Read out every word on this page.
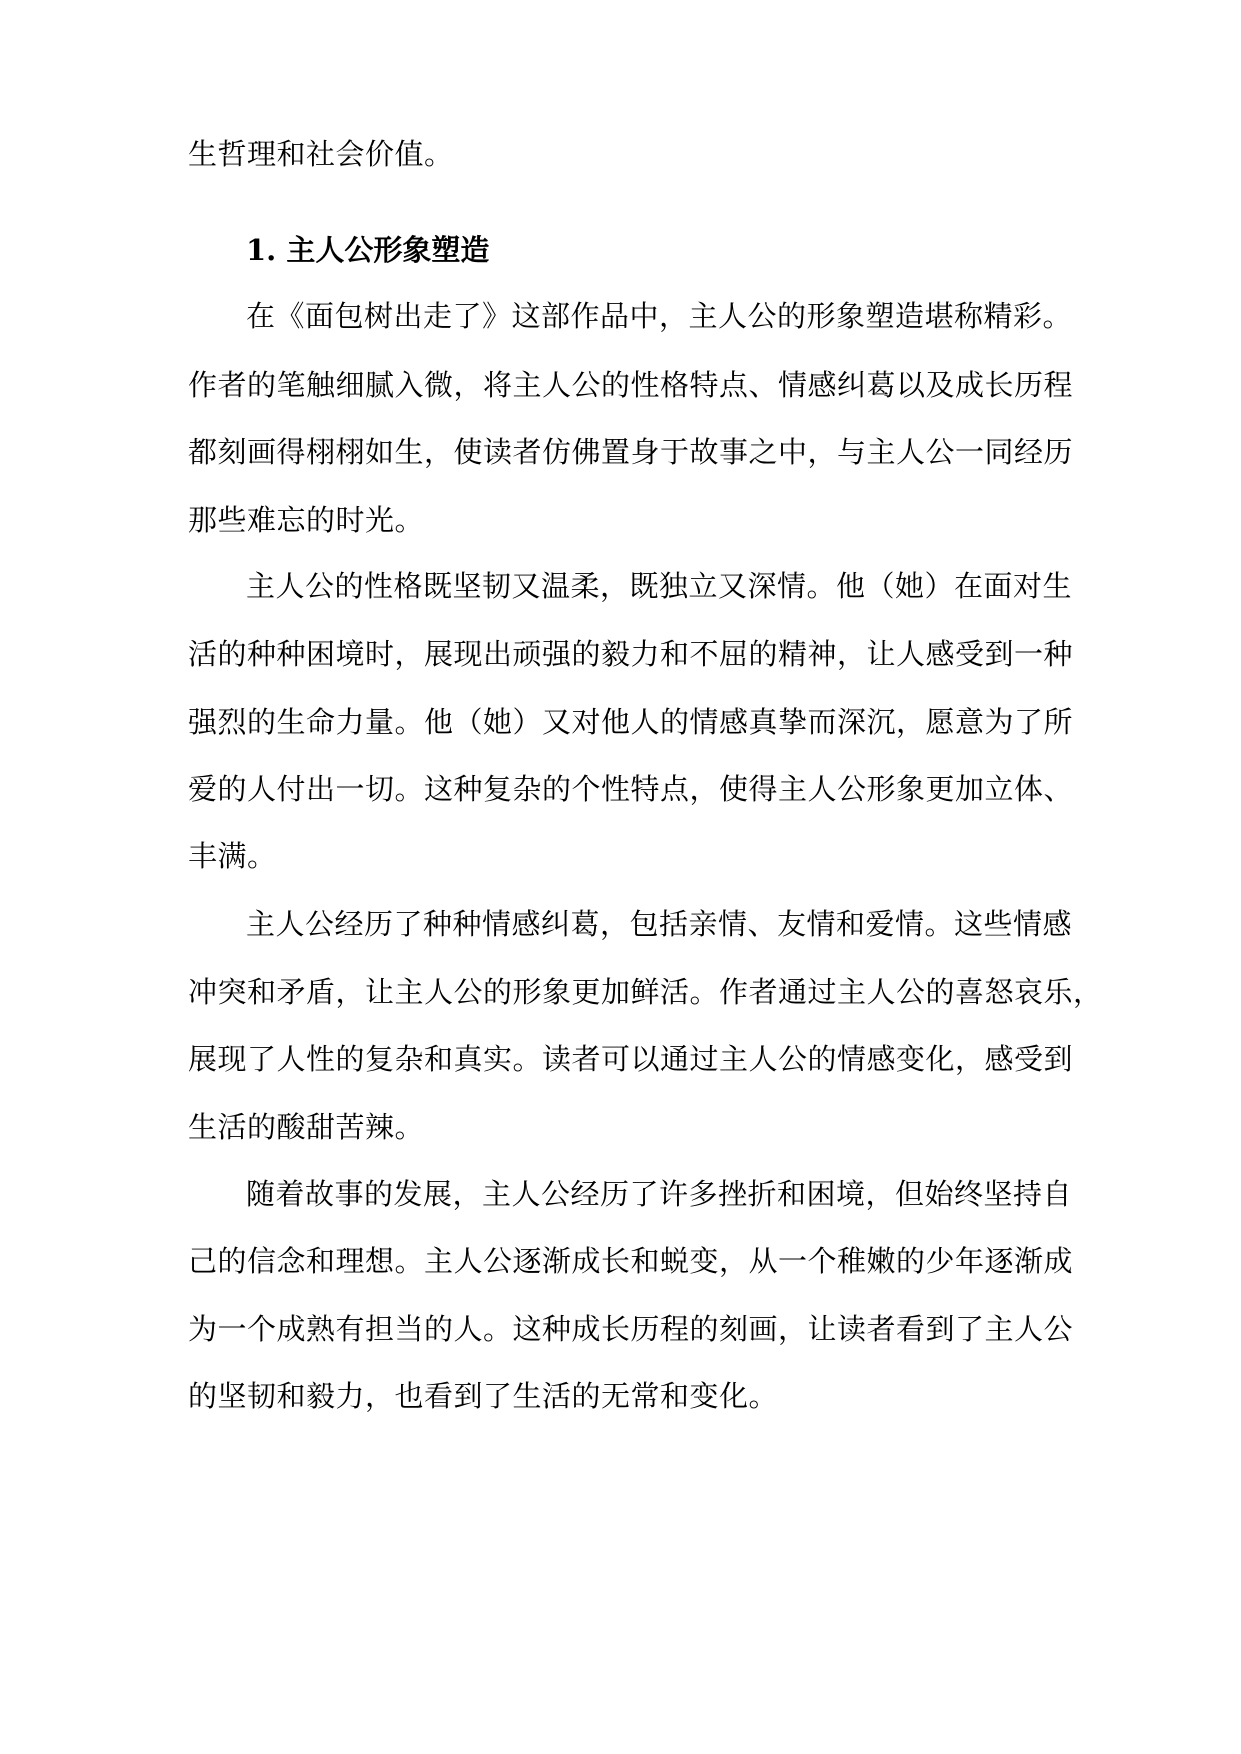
生哲理和社会价值。
1. 主人公形象塑造
在《面包树出走了》这部作品中，主人公的形象塑造堪称精彩。
作者的笔触细腻入微，将主人公的性格特点、情感纠葛以及成长历程
都刻画得栩栩如生，使读者仿佛置身于故事之中，与主人公一同经历
那些难忘的时光。
主人公的性格既坚韧又温柔，既独立又深情。他（她）在面对生
活的种种困境时，展现出顽强的毅力和不屈的精神，让人感受到一种
强烈的生命力量。他（她）又对他人的情感真挚而深沉，愿意为了所
爱的人付出一切。这种复杂的个性特点，使得主人公形象更加立体、
丰满。
主人公经历了种种情感纠葛，包括亲情、友情和爱情。这些情感
冲突和矛盾，让主人公的形象更加鲜活。作者通过主人公的喜怒哀乐，
展现了人性的复杂和真实。读者可以通过主人公的情感变化，感受到
生活的酸甜苦辣。
随着故事的发展，主人公经历了许多挫折和困境，但始终坚持自
己的信念和理想。主人公逐渐成长和蜕变，从一个稚嫩的少年逐渐成
为一个成熟有担当的人。这种成长历程的刻画，让读者看到了主人公
的坚韧和毅力，也看到了生活的无常和变化。
